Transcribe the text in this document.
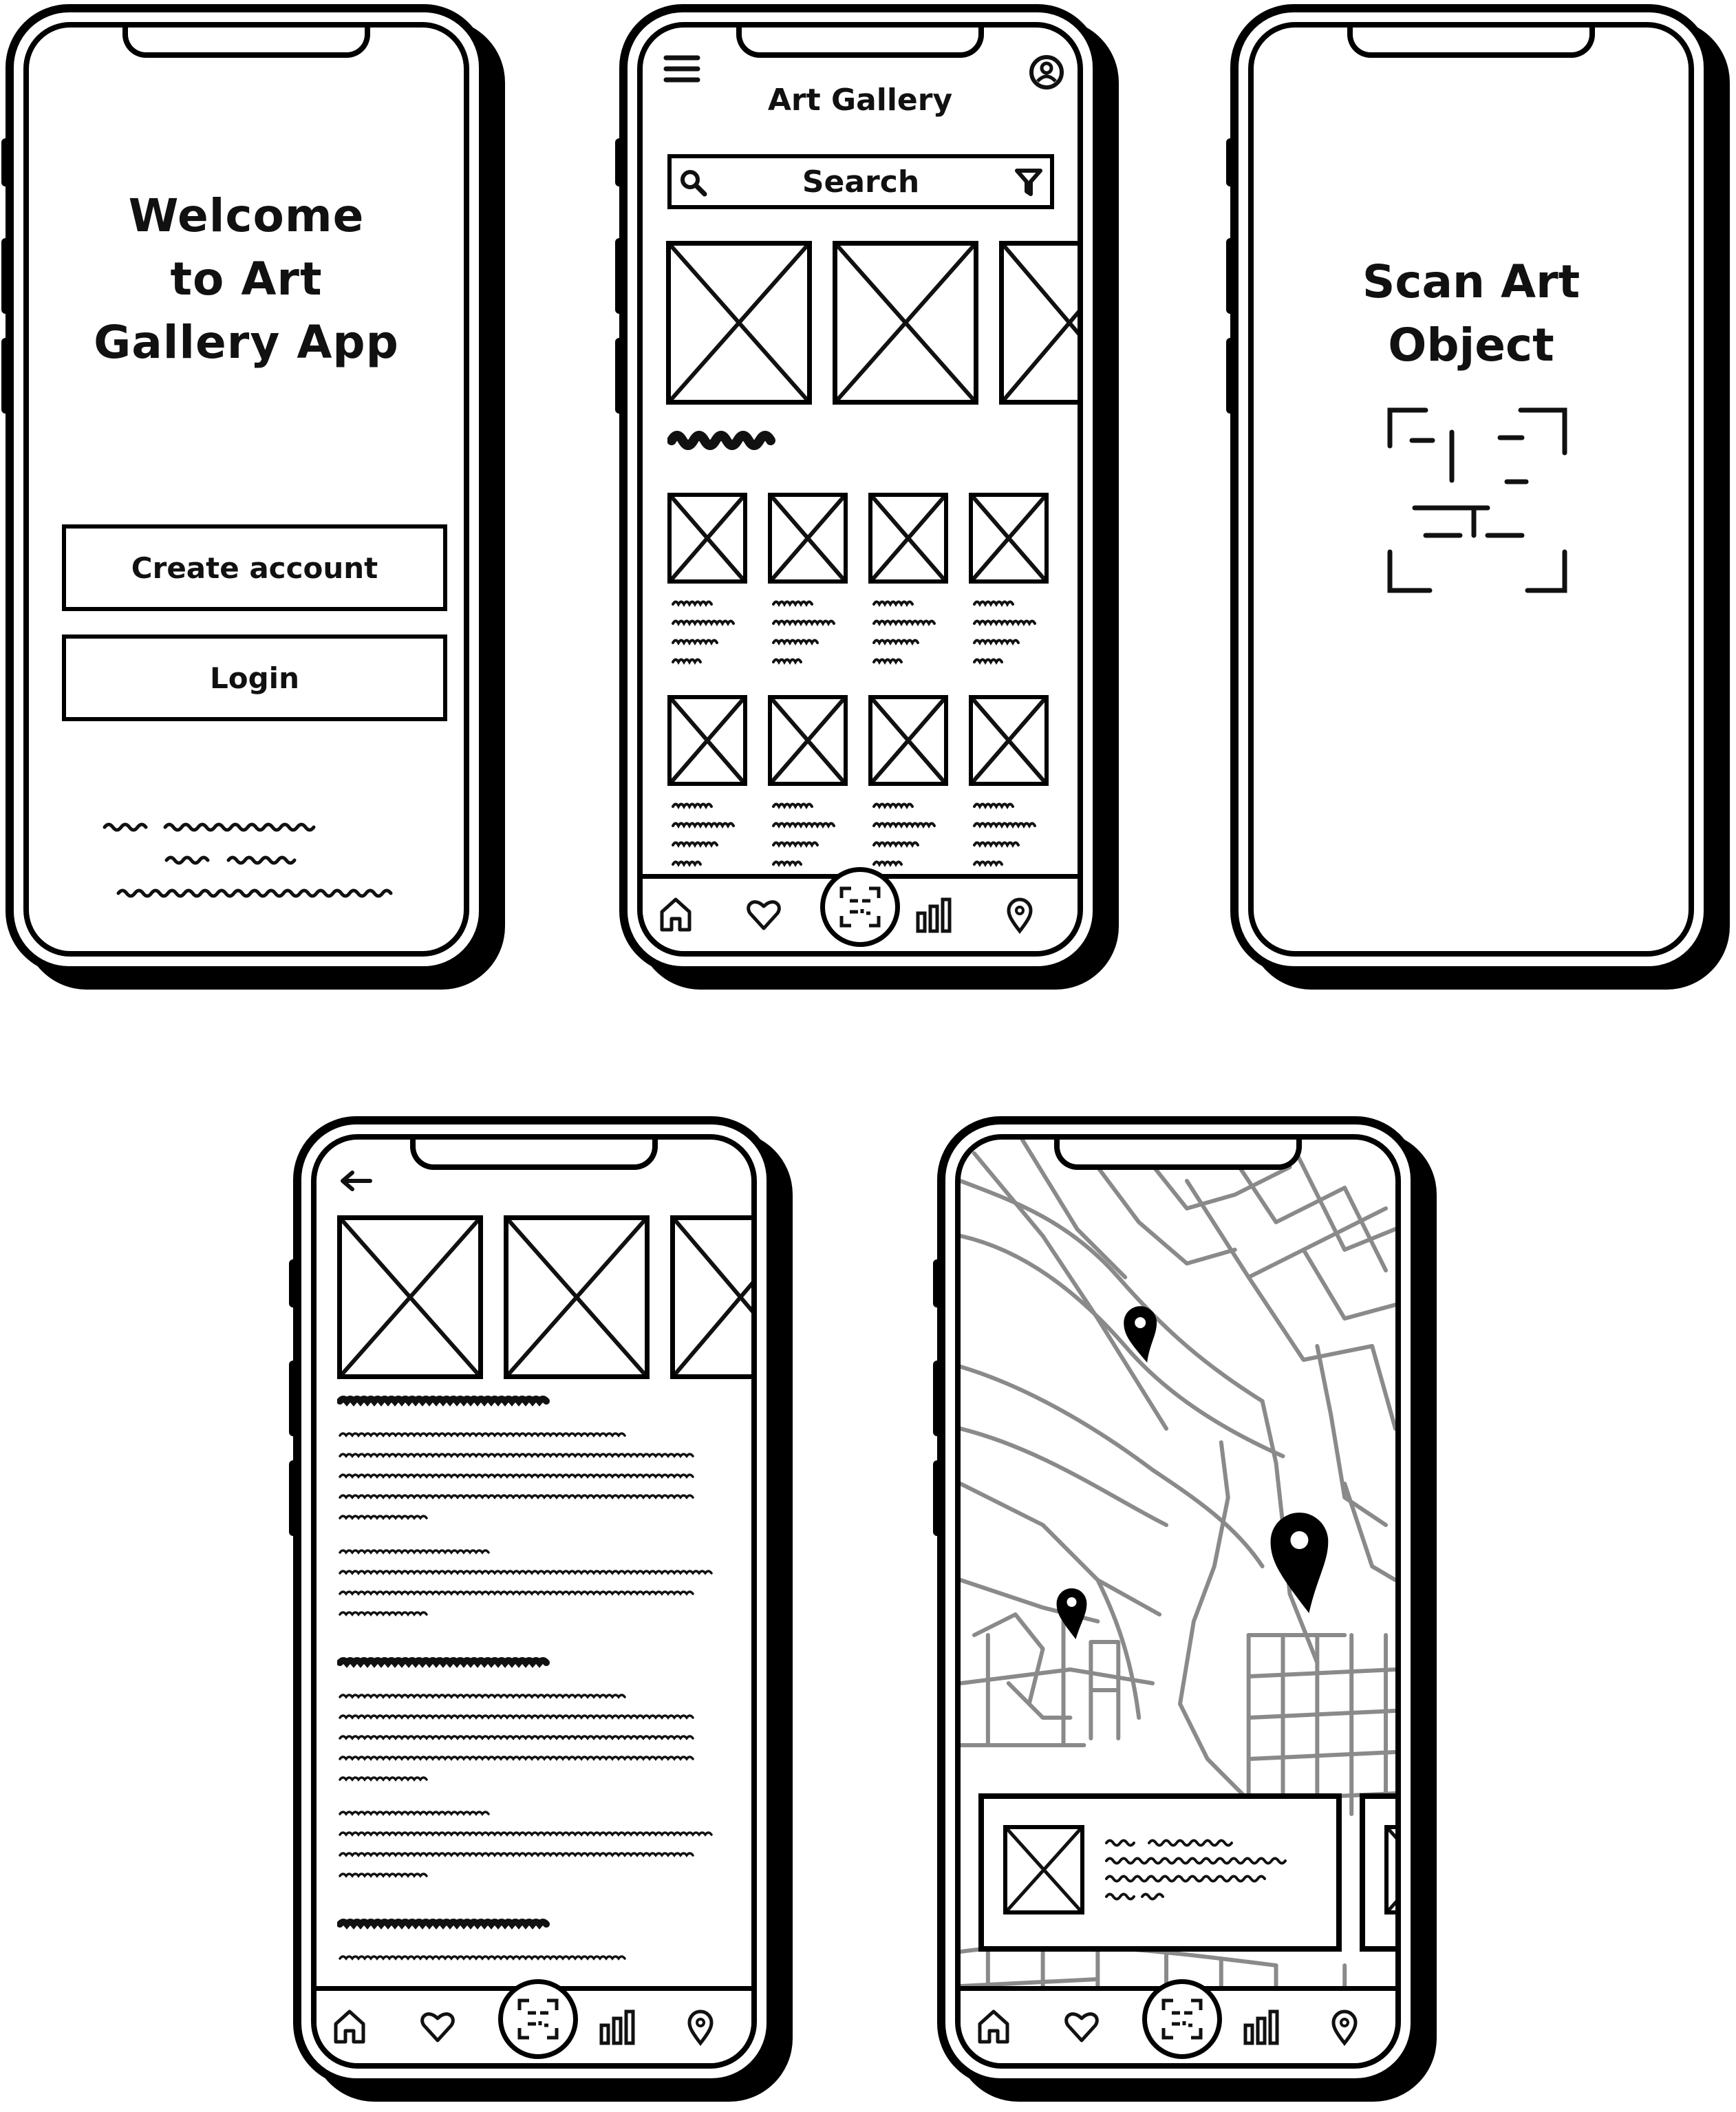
Welcome
to Art
Gallery App
Create account
Login
Art Gallery
Search
Scan Art
Object
